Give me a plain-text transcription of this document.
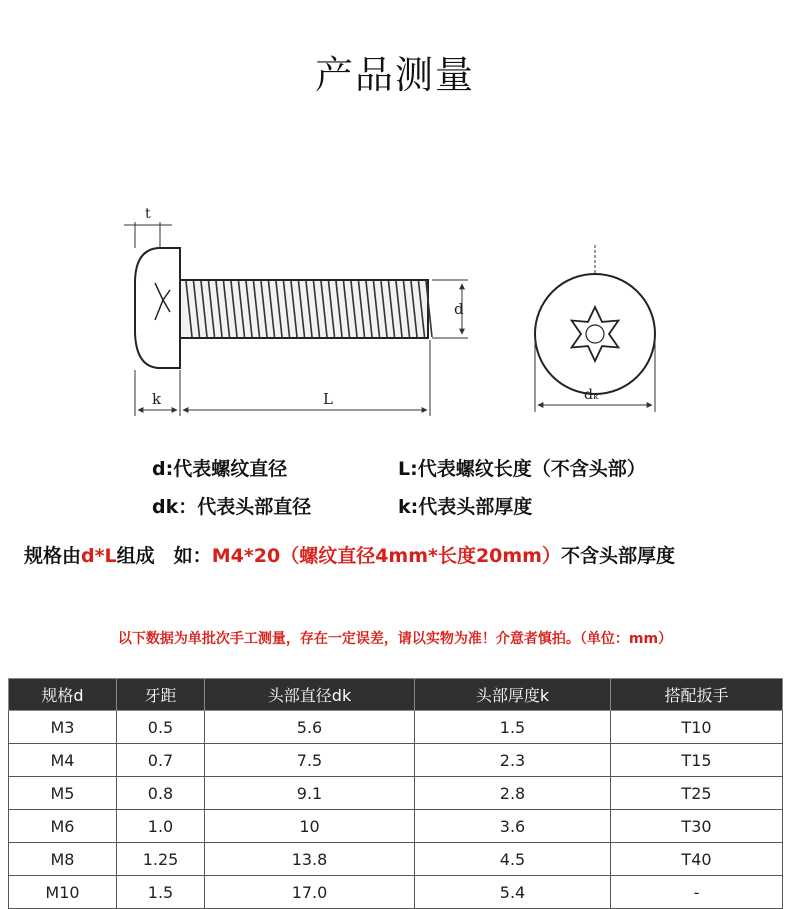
产品测量
t
d
k	L	dₖ
d:代表螺纹直径	L:代表螺纹长度（不含头部）
dk：代表头部直径	k:代表头部厚度
规格由d*L组成　如：M4*20（螺纹直径4mm*长度20mm）不含头部厚度
以下数据为单批次手工测量，存在一定误差，请以实物为准！介意者慎拍。（单位：mm）
规格d	牙距	头部直径dk	头部厚度k	搭配扳手
M3	0.5	5.6	1.5	T10
M4	0.7	7.5	2.3	T15
M5	0.8	9.1	2.8	T25
M6	1.0	10	3.6	T30
M8	1.25	13.8	4.5	T40
M10	1.5	17.0	5.4	-
